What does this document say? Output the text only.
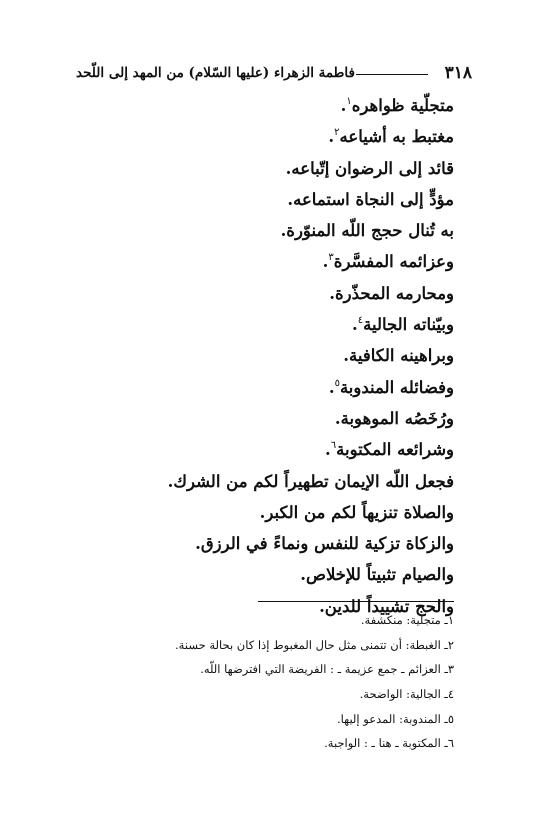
٣١٨
فاطمة الزهراء (عليها السّلام) من المهد إلى اللّحد
متجلّية ظواهره$^١$.
مغتبط به أشياعه$^٢$.
قائد إلى الرضوان إتّباعه.
مؤدٍّ إلى النجاة استماعه.
به تُنال حجج اللّه المنوّرة.
وعزائمه المفسَّرة$^٣$.
ومحارمه المحذّرة.
وبيّناته الجالية$^٤$.
وبراهينه الكافية.
وفضائله المندوبة$^٥$.
ورُخَصُه الموهوبة.
وشرائعه المكتوبة$^٦$.
فجعل اللّه الإيمان تطهيراً لكم من الشرك.
والصلاة تنزيهاً لكم من الكبر.
والزكاة تزكية للنفس ونماءً في الرزق.
والصيام تثبيتاً للإخلاص.
والحج تشييداً للدين.
١ـ متجلية: منكشفة.
٢ـ الغبطة: أن تتمنى مثل حال المغبوط إذا كان بحالة حسنة.
٣ـ العزائم ـ جمع عزيمة ـ : الفريضة التي افترضها اللّه.
٤ـ الجالية: الواضحة.
٥ـ المندوبة: المدعو إليها.
٦ـ المكتوبة ـ هنا ـ : الواجبة.
